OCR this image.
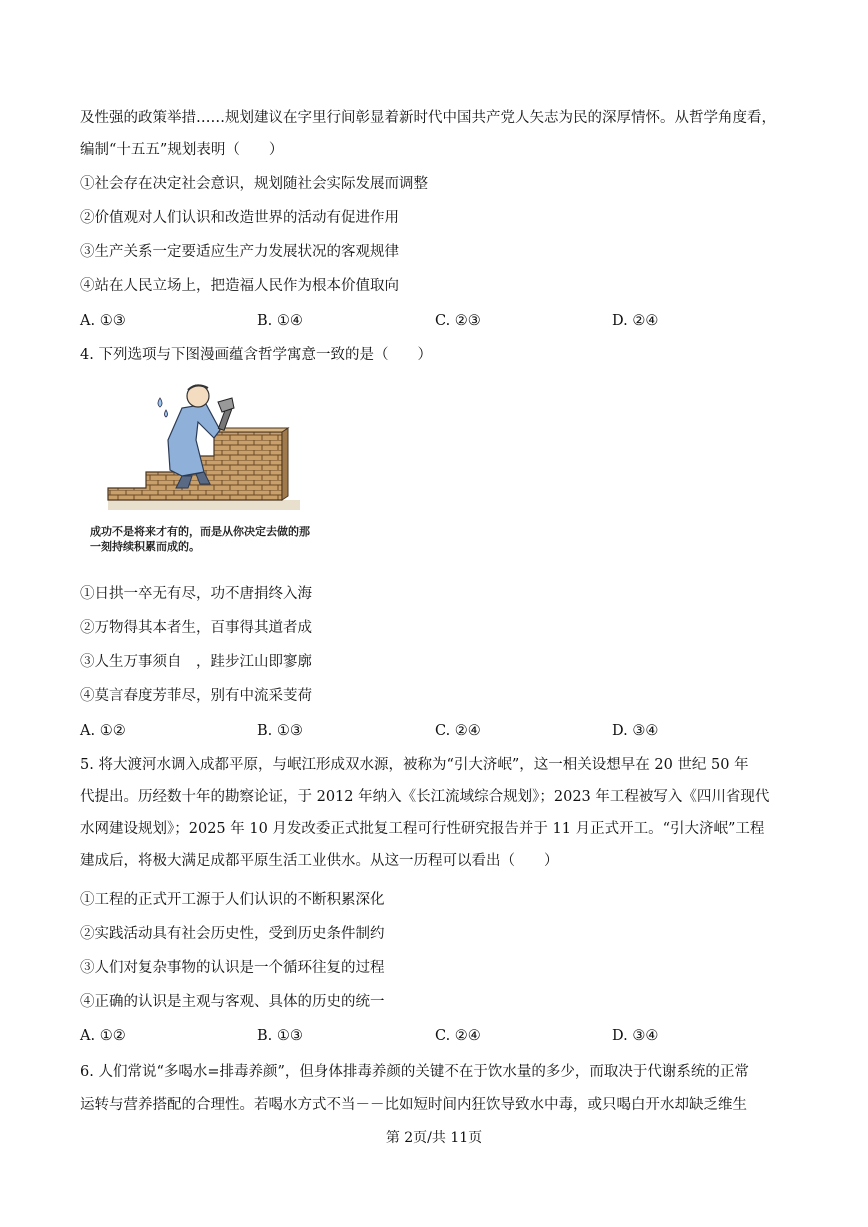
及性强的政策举措……规划建议在字里行间彰显着新时代中国共产党人矢志为民的深厚情怀。从哲学角度看，
编制“十五五”规划表明（　　）
①社会存在决定社会意识，规划随社会实际发展而调整
②价值观对人们认识和改造世界的活动有促进作用
③生产关系一定要适应生产力发展状况的客观规律
④站在人民立场上，把造福人民作为根本价值取向
A. ①③	B. ①④	C. ②③	D. ②④
4. 下列选项与下图漫画蕴含哲学寓意一致的是（　　）
成功不是将来才有的，而是从你决定去做的那一刻持续积累而成的。
①日拱一卒无有尽，功不唐捐终入海
②万物得其本者生，百事得其道者成
③人生万事须自　，跬步江山即寥廓
④莫言春度芳菲尽，别有中流采芰荷
A. ①②	B. ①③	C. ②④	D. ③④
5. 将大渡河水调入成都平原，与岷江形成双水源，被称为“引大济岷”，这一相关设想早在 20 世纪 50 年
代提出。历经数十年的勘察论证，于 2012 年纳入《长江流域综合规划》；2023 年工程被写入《四川省现代
水网建设规划》；2025 年 10 月发改委正式批复工程可行性研究报告并于 11 月正式开工。“引大济岷”工程
建成后，将极大满足成都平原生活工业供水。从这一历程可以看出（　　）
①工程的正式开工源于人们认识的不断积累深化
②实践活动具有社会历史性，受到历史条件制约
③人们对复杂事物的认识是一个循环往复的过程
④正确的认识是主观与客观、具体的历史的统一
A. ①②	B. ①③	C. ②④	D. ③④
6. 人们常说“多喝水=排毒养颜”，但身体排毒养颜的关键不在于饮水量的多少，而取决于代谢系统的正常
运转与营养搭配的合理性。若喝水方式不当－－比如短时间内狂饮导致水中毒，或只喝白开水却缺乏维生
第 2页/共 11页
